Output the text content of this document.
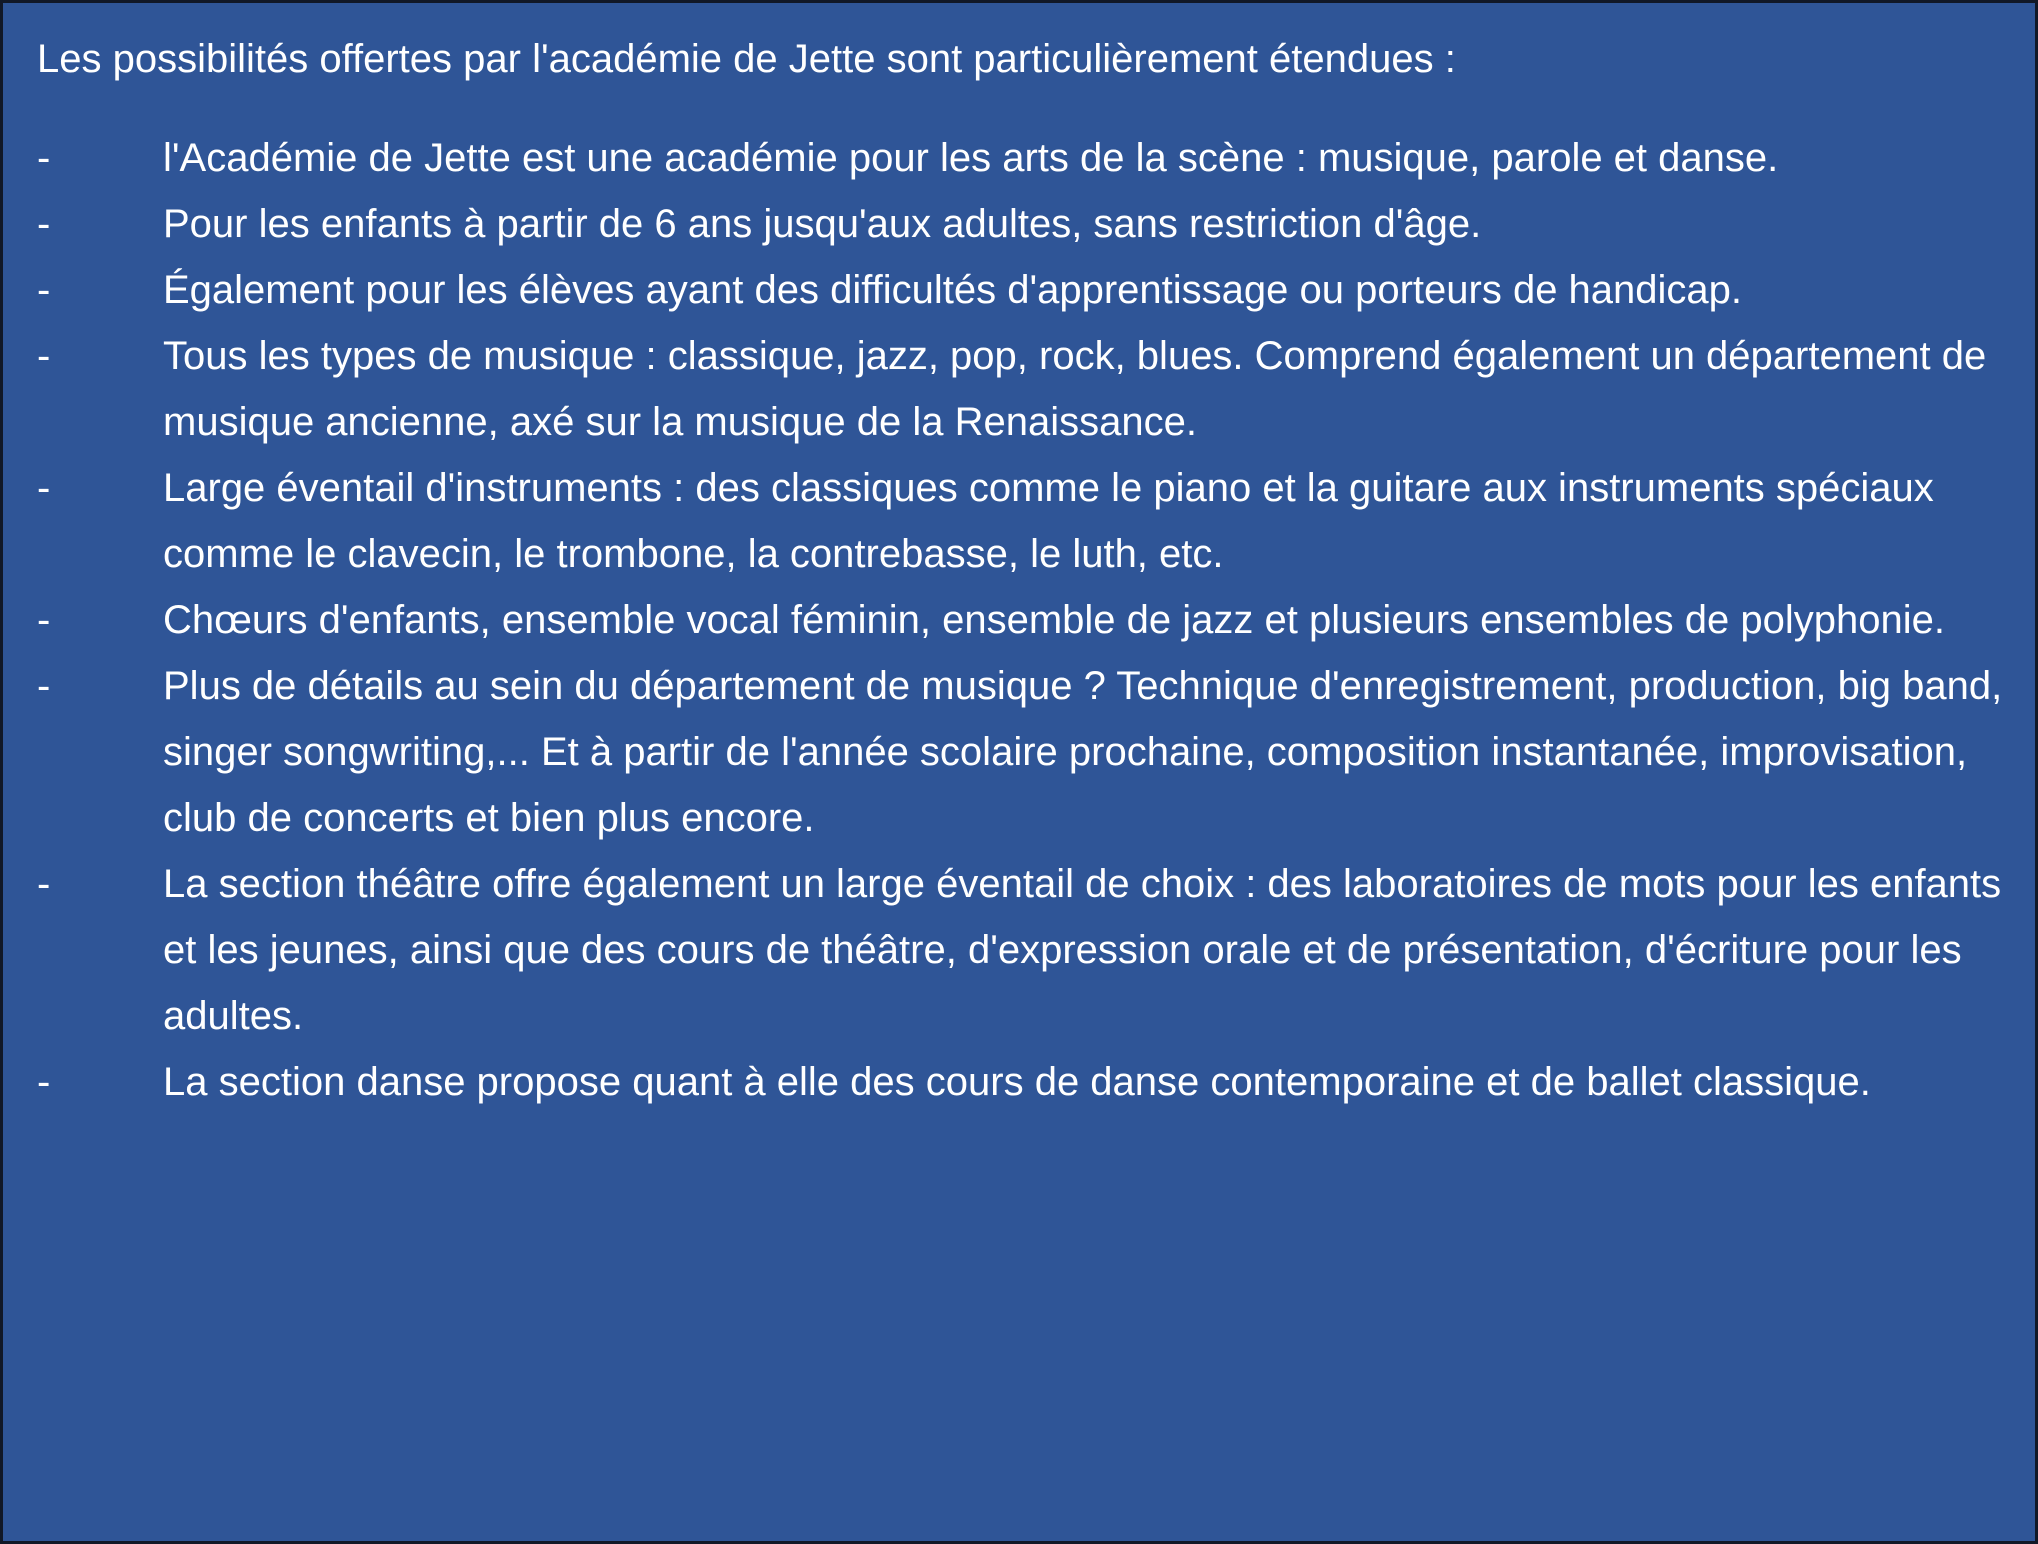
Les possibilités offertes par l'académie de Jette sont particulièrement étendues :
-	l'Académie de Jette est une académie pour les arts de la scène : musique, parole et danse.
-	Pour les enfants à partir de 6 ans jusqu'aux adultes, sans restriction d'âge.
-	Également pour les élèves ayant des difficultés d'apprentissage ou porteurs de handicap.
-	Tous les types de musique : classique, jazz, pop, rock, blues. Comprend également un département de musique ancienne, axé sur la musique de la Renaissance.
-	Large éventail d'instruments : des classiques comme le piano et la guitare aux instruments spéciaux comme le clavecin, le trombone, la contrebasse, le luth, etc.
-	Chœurs d'enfants, ensemble vocal féminin, ensemble de jazz et plusieurs ensembles de polyphonie.
-	Plus de détails au sein du département de musique ? Technique d'enregistrement, production, big band, singer songwriting,... Et à partir de l'année scolaire prochaine, composition instantanée, improvisation, club de concerts et bien plus encore.
-	La section théâtre offre également un large éventail de choix : des laboratoires de mots pour les enfants et les jeunes, ainsi que des cours de théâtre, d'expression orale et de présentation, d'écriture pour les adultes.
-	La section danse propose quant à elle des cours de danse contemporaine et de ballet classique.
